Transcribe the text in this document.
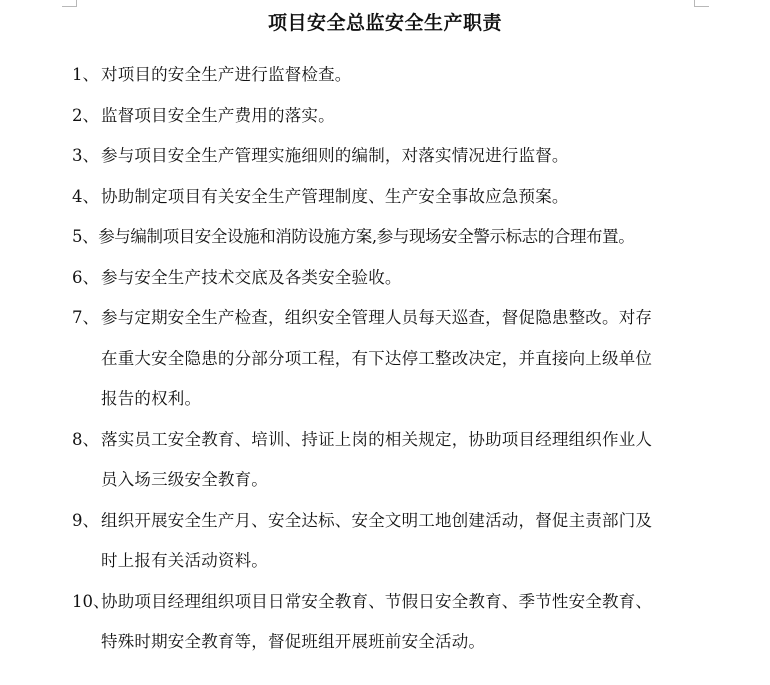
项目安全总监安全生产职责
1、 对项目的安全生产进行监督检查。
2、 监督项目安全生产费用的落实。
3、 参与项目安全生产管理实施细则的编制，对落实情况进行监督。
4、 协助制定项目有关安全生产管理制度、生产安全事故应急预案。
5、参与编制项目安全设施和消防设施方案,参与现场安全警示标志的合理布置。
6、 参与安全生产技术交底及各类安全验收。
7、 参与定期安全生产检查，组织安全管理人员每天巡查，督促隐患整改。对存
在重大安全隐患的分部分项工程，有下达停工整改决定，并直接向上级单位
报告的权利。
8、 落实员工安全教育、培训、持证上岗的相关规定，协助项目经理组织作业人
员入场三级安全教育。
9、 组织开展安全生产月、安全达标、安全文明工地创建活动，督促主责部门及
时上报有关活动资料。
10、
协助项目经理组织项目日常安全教育、节假日安全教育、季节性安全教育、
特殊时期安全教育等，督促班组开展班前安全活动。
